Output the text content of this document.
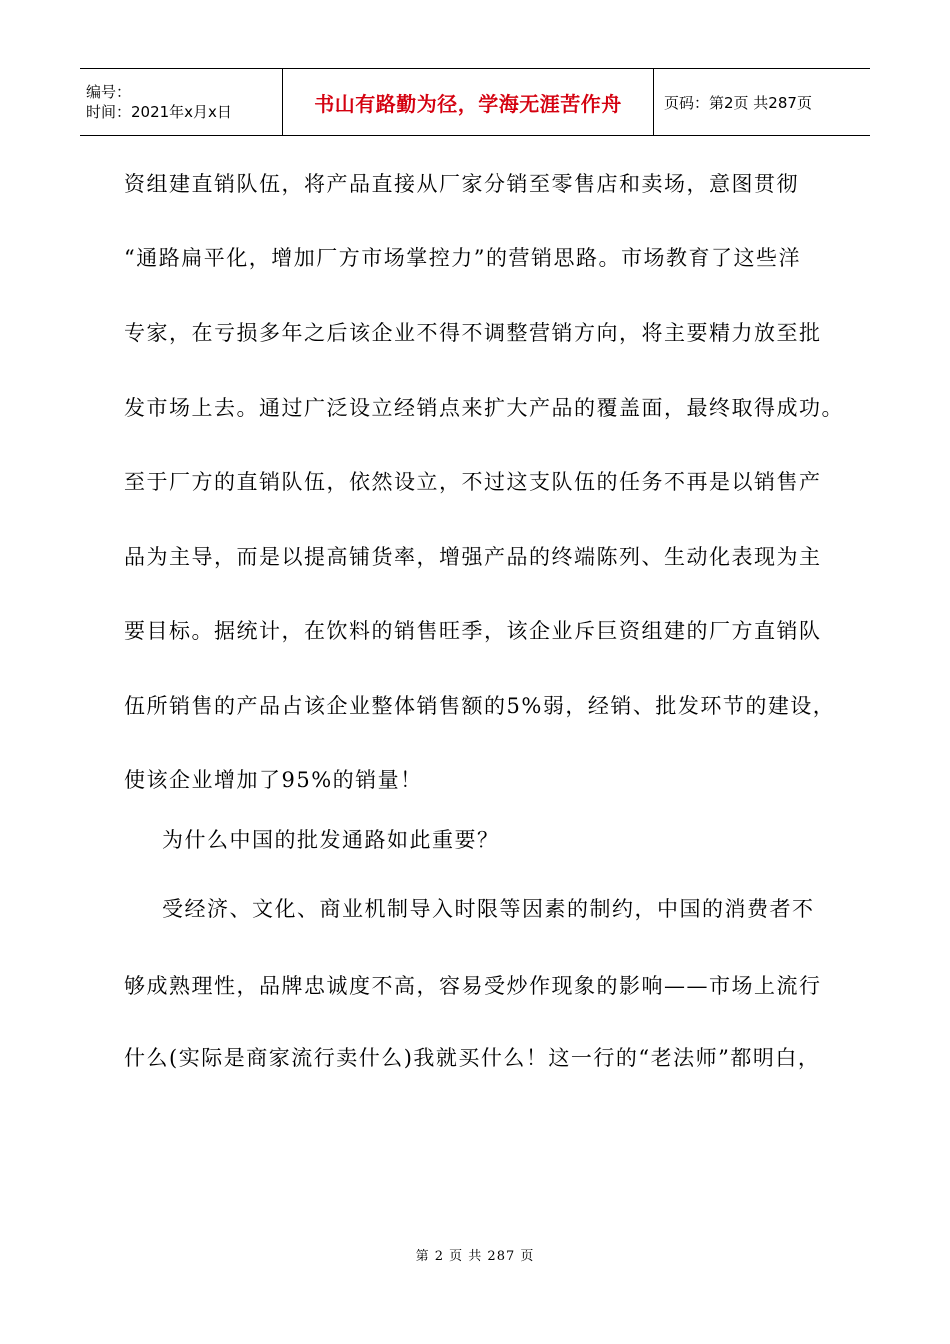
编号：
时间：2021年x月x日	书山有路勤为径，学海无涯苦作舟	页码：第2页 共287页
资组建直销队伍，将产品直接从厂家分销至零售店和卖场，意图贯彻
“通路扁平化，增加厂方市场掌控力”的营销思路。市场教育了这些洋
专家，在亏损多年之后该企业不得不调整营销方向，将主要精力放至批
发市场上去。通过广泛设立经销点来扩大产品的覆盖面，最终取得成功。
至于厂方的直销队伍，依然设立，不过这支队伍的任务不再是以销售产
品为主导，而是以提高铺货率，增强产品的终端陈列、生动化表现为主
要目标。据统计，在饮料的销售旺季，该企业斥巨资组建的厂方直销队
伍所销售的产品占该企业整体销售额的5%弱，经销、批发环节的建设，
使该企业增加了95%的销量！
为什么中国的批发通路如此重要？
受经济、文化、商业机制导入时限等因素的制约，中国的消费者不
够成熟理性，品牌忠诚度不高，容易受炒作现象的影响——市场上流行
什么(实际是商家流行卖什么)我就买什么！这一行的“老法师”都明白，
第 2 页 共 287 页
